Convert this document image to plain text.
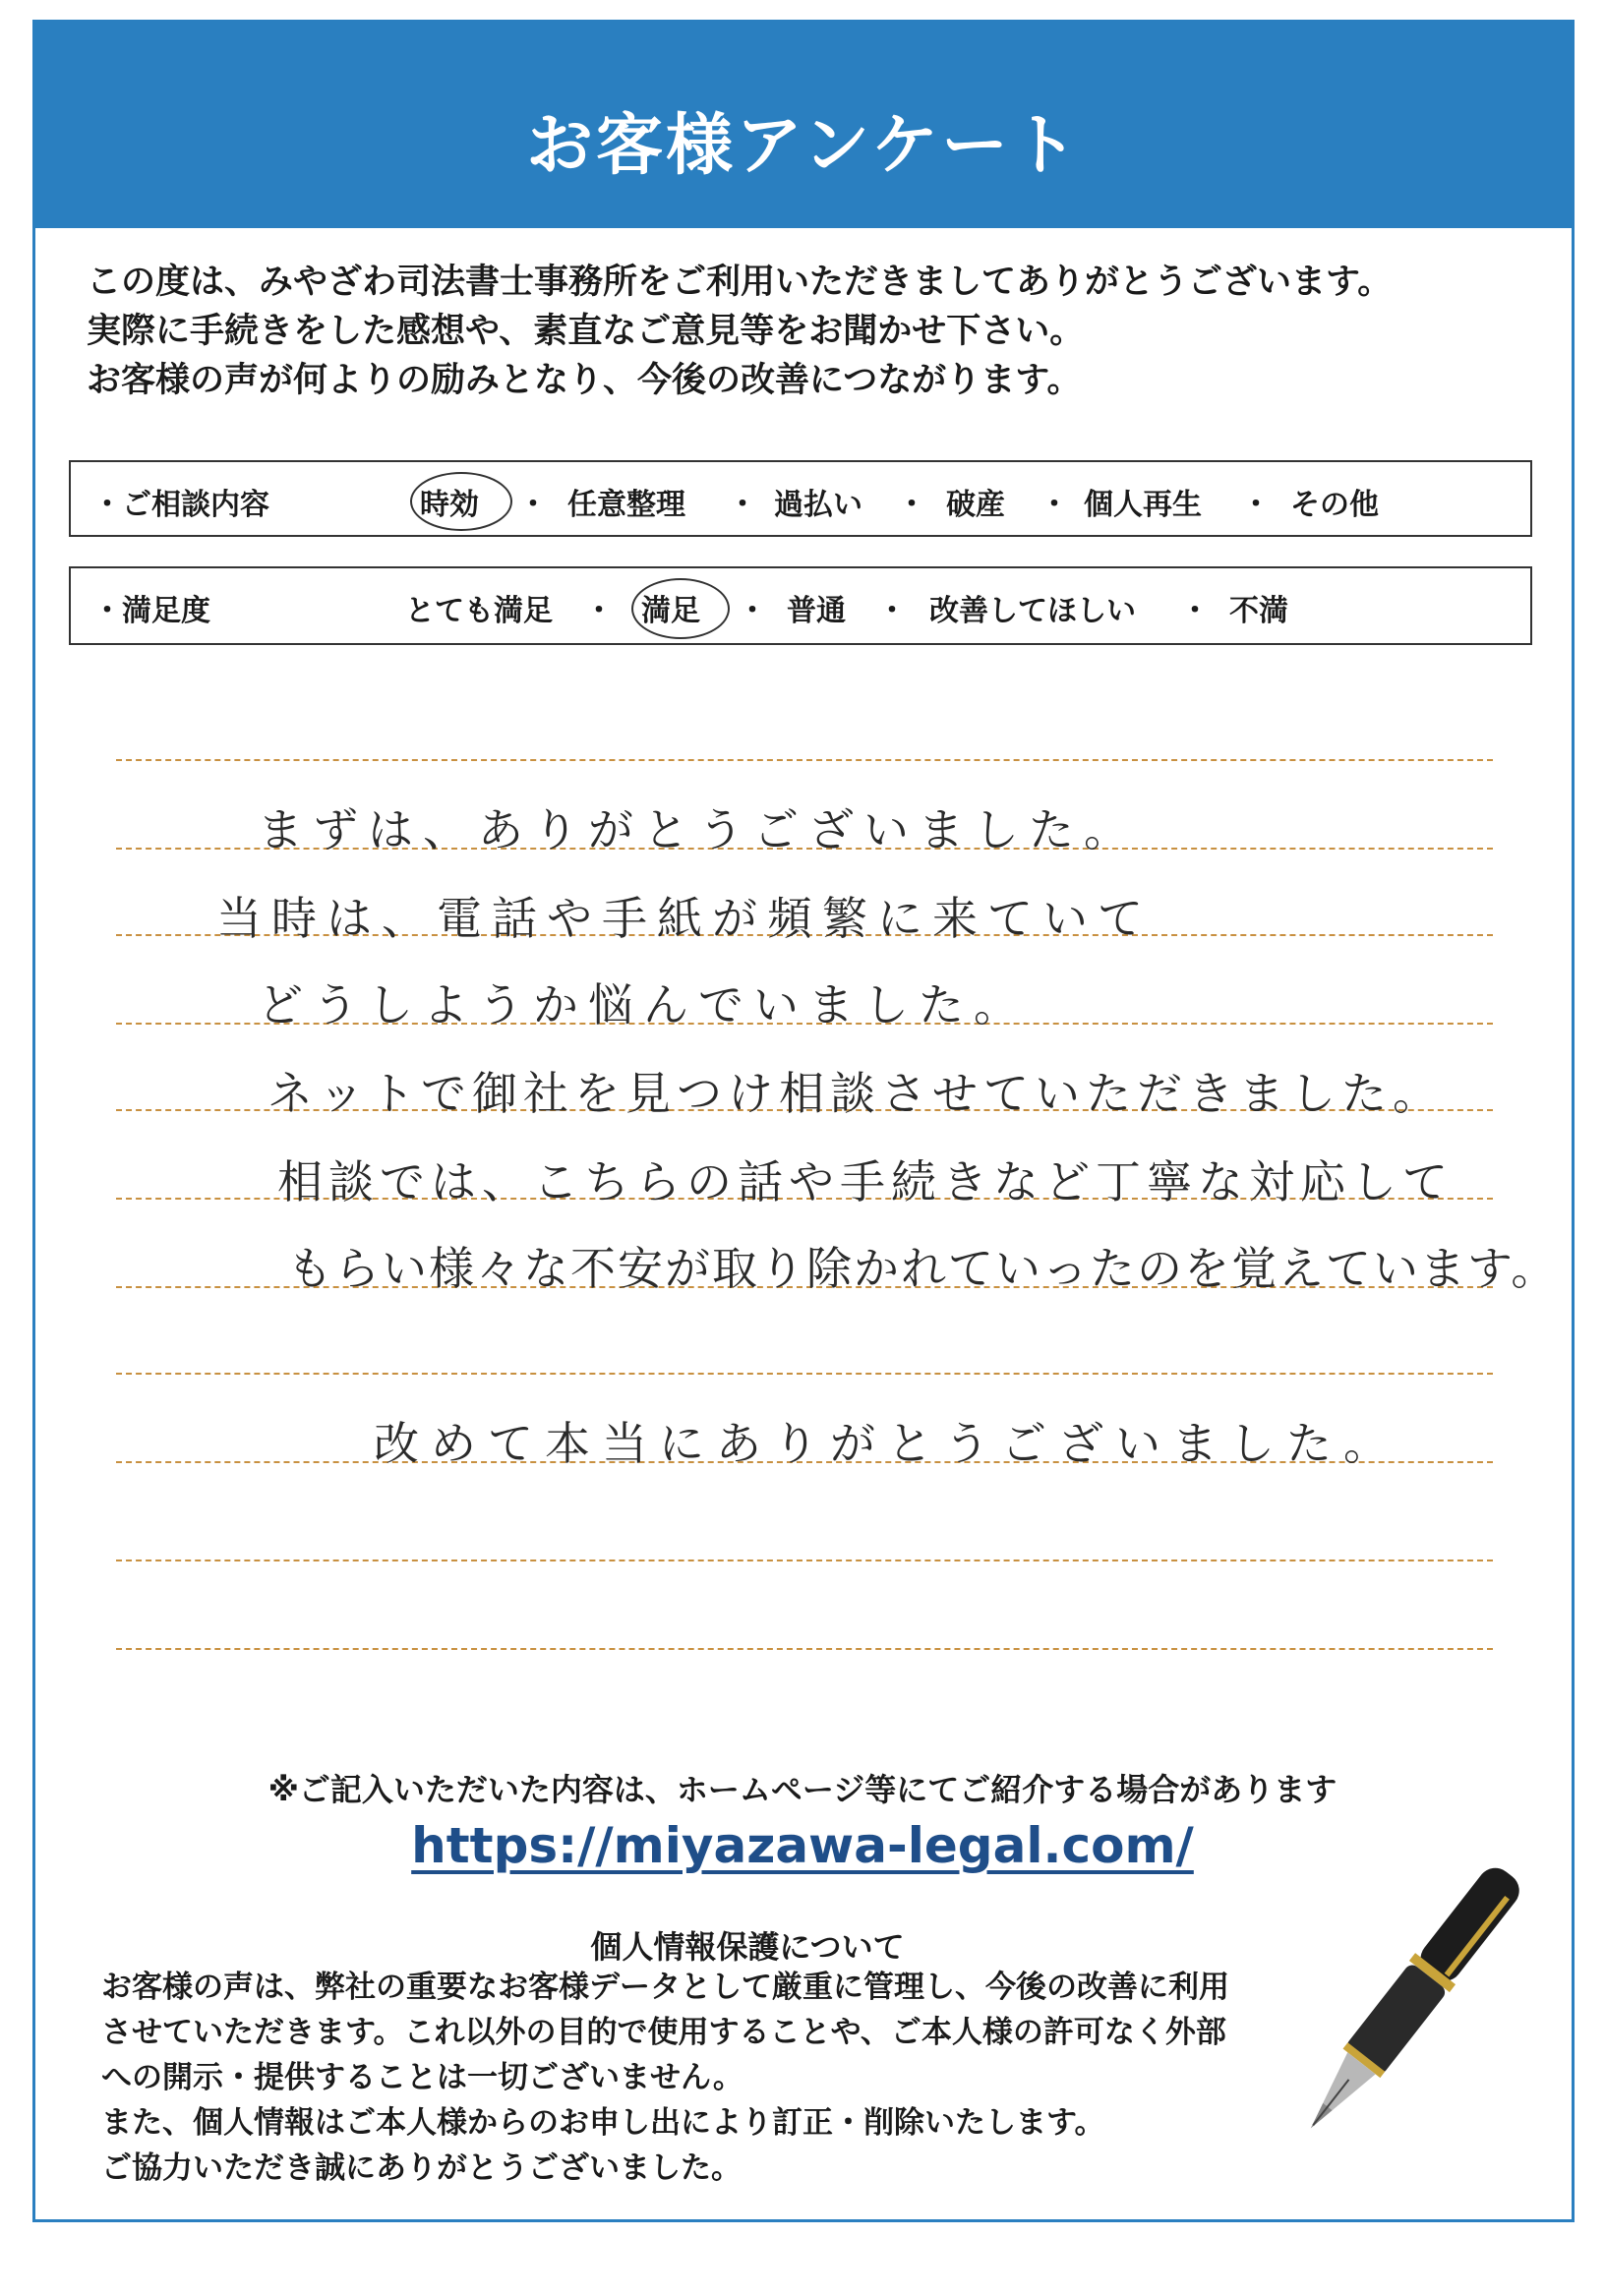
お客様アンケート
この度は、みやざわ司法書士事務所をご利用いただきましてありがとうございます。
実際に手続きをした感想や、素直なご意見等をお聞かせ下さい。
お客様の声が何よりの励みとなり、今後の改善につながります。
・ご相談内容	時効 ・ 任意整理 ・ 過払い ・ 破産 ・ 個人再生 ・ その他
・満足度	とても満足 ・ 満足 ・ 普通 ・ 改善してほしい ・ 不満
まずは、ありがとうございました。
当時は、電話や手紙が頻繁に来ていて
どうしようか悩んでいました。
ネットで御社を見つけ相談させていただきました。
相談では、こちらの話や手続きなど丁寧な対応して
もらい様々な不安が取り除かれていったのを覚えています。
改めて本当にありがとうございました。
※ご記入いただいた内容は、ホームページ等にてご紹介する場合があります
https://miyazawa-legal.com/
個人情報保護について
お客様の声は、弊社の重要なお客様データとして厳重に管理し、今後の改善に利用
させていただきます。これ以外の目的で使用することや、ご本人様の許可なく外部
への開示・提供することは一切ございません。
また、個人情報はご本人様からのお申し出により訂正・削除いたします。
ご協力いただき誠にありがとうございました。
